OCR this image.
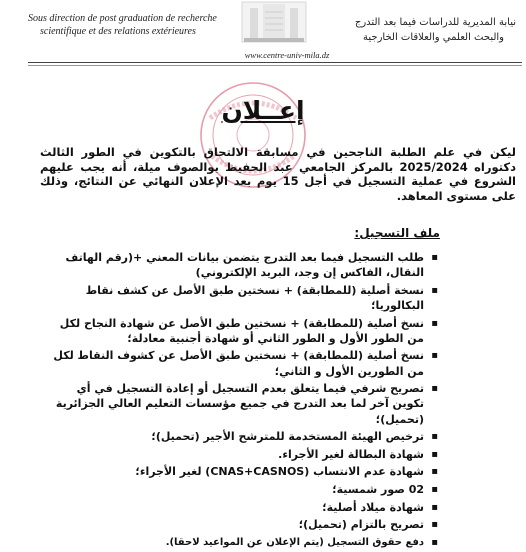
Sous direction de post graduation de recherche
scientifique et des relations extérieures
www.centre-univ-mila.dz
نيابة المديرية للدراسات فيما بعد التدرج
والبحث العلمي والعلاقات الخارجية
إعــلان
ليكن في علم الطلبة الناجحين في مسابقة الالتحاق بالتكوين في الطور الثالث دكتوراه 2025/2024 بالمركز الجامعي عبد الحفيظ بوالصوف ميلة، أنه يجب عليهم الشروع في عملية التسجيل في أجل 15 يوم بعد الإعلان النهائي عن النتائج، وذلك على مستوى المعاهد.
ملف التسجيل:
▪
طلب التسجيل فيما بعد التدرج يتضمن بيانات المعني +(رقم الهاتف النقال، الفاكس إن وجد، البريد الإلكتروني)
▪
نسخة أصلية (للمطابقة) + نسختين طبق الأصل عن كشف نقاط البكالوريا؛
▪
نسخ أصلية (للمطابقة) + نسختين طبق الأصل عن شهادة النجاح لكل من الطور الأول و الطور الثاني أو شهادة أجنبية معادلة؛
▪
نسخ أصلية (للمطابقة) + نسختين طبق الأصل عن كشوف النقاط لكل من الطورين الأول و الثاني؛
▪
تصريح شرفي فيما يتعلق بعدم التسجيل أو إعادة التسجيل في أي تكوين آخر لما بعد التدرج في جميع مؤسسات التعليم العالي الجزائرية (تحميل)؛
▪
ترخيص الهيئة المستخدمة للمترشح الأجير (تحميل)؛
▪
شهادة البطالة لغير الأجراء.
▪
شهادة عدم الانتساب (CNAS+CASNOS) لغير الأجراء؛
▪
02 صور شمسية؛
▪
شهادة ميلاد أصلية؛
▪
تصريح بالتزام (تحميل)؛
▪
دفع حقوق التسجيل (يتم الإعلان عن المواعيد لاحقا).
